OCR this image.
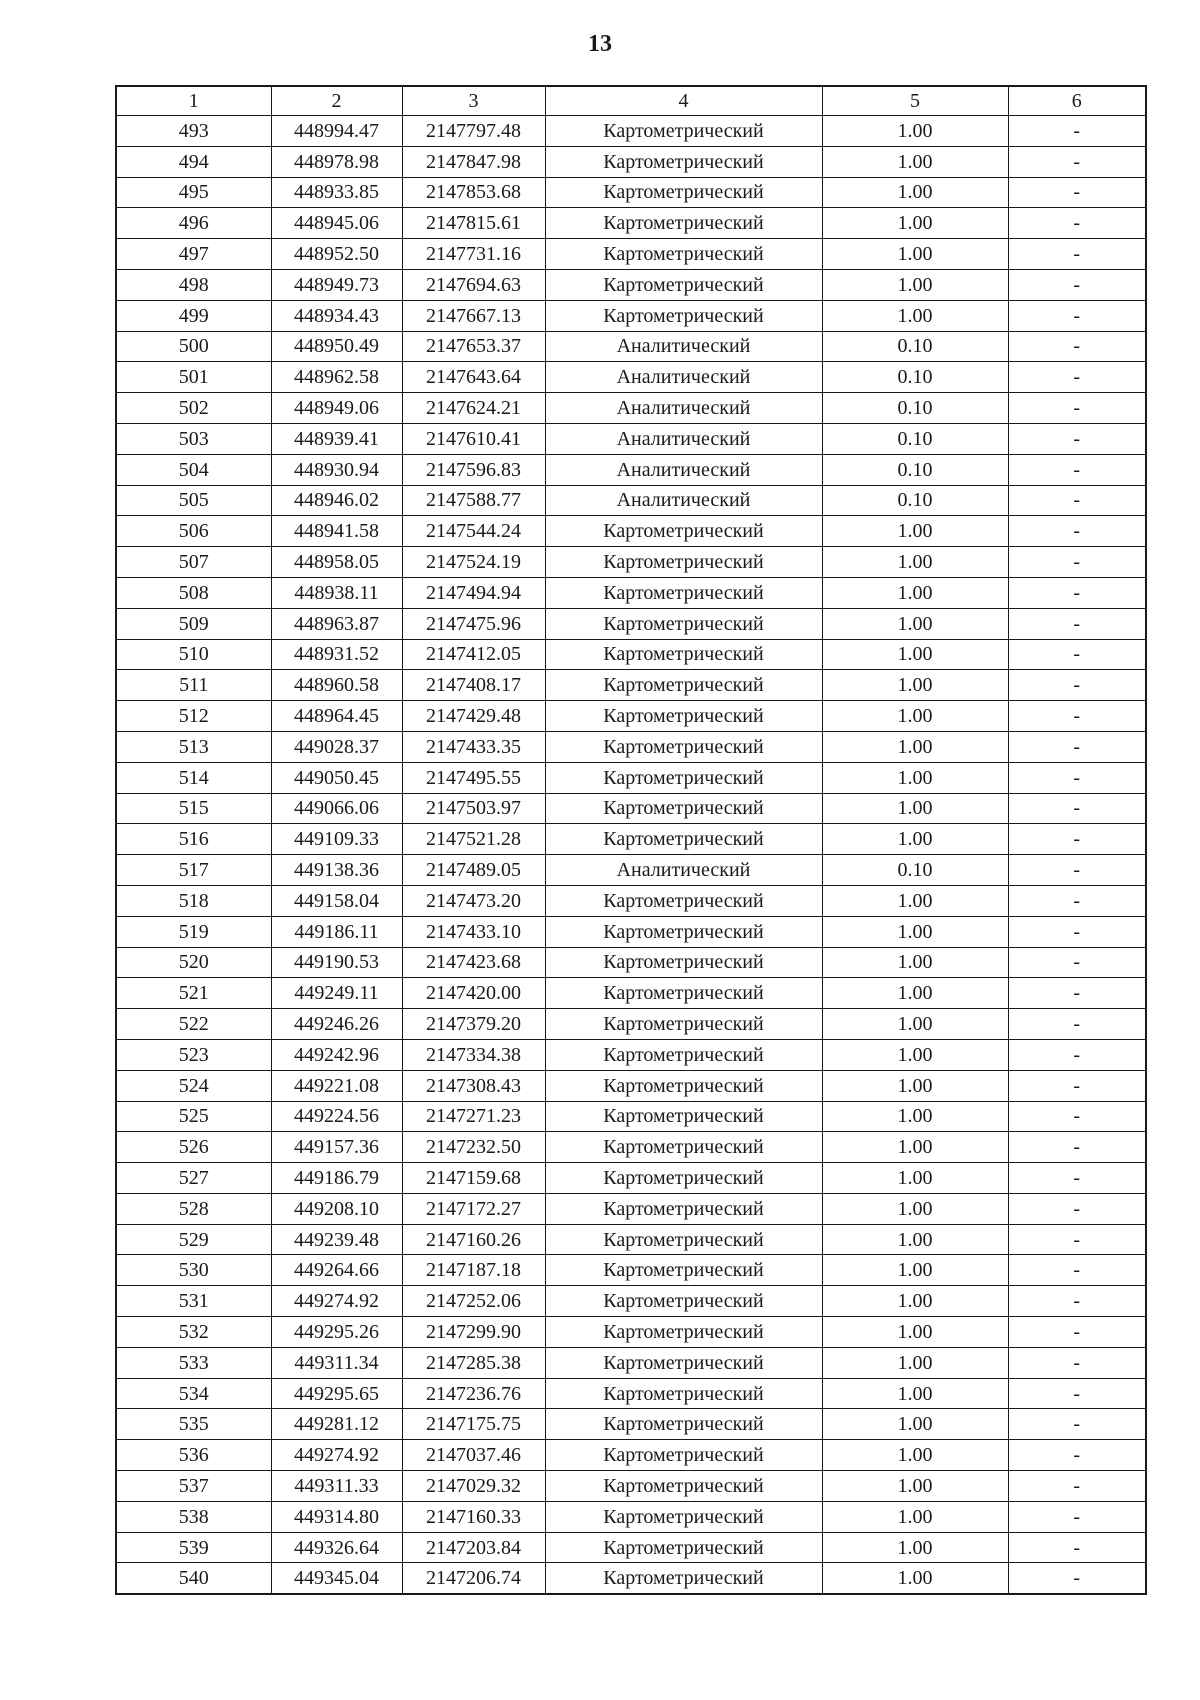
13
1	2	3	4	5	6
493	448994.47	2147797.48	Картометрический	1.00	-
494	448978.98	2147847.98	Картометрический	1.00	-
495	448933.85	2147853.68	Картометрический	1.00	-
496	448945.06	2147815.61	Картометрический	1.00	-
497	448952.50	2147731.16	Картометрический	1.00	-
498	448949.73	2147694.63	Картометрический	1.00	-
499	448934.43	2147667.13	Картометрический	1.00	-
500	448950.49	2147653.37	Аналитический	0.10	-
501	448962.58	2147643.64	Аналитический	0.10	-
502	448949.06	2147624.21	Аналитический	0.10	-
503	448939.41	2147610.41	Аналитический	0.10	-
504	448930.94	2147596.83	Аналитический	0.10	-
505	448946.02	2147588.77	Аналитический	0.10	-
506	448941.58	2147544.24	Картометрический	1.00	-
507	448958.05	2147524.19	Картометрический	1.00	-
508	448938.11	2147494.94	Картометрический	1.00	-
509	448963.87	2147475.96	Картометрический	1.00	-
510	448931.52	2147412.05	Картометрический	1.00	-
511	448960.58	2147408.17	Картометрический	1.00	-
512	448964.45	2147429.48	Картометрический	1.00	-
513	449028.37	2147433.35	Картометрический	1.00	-
514	449050.45	2147495.55	Картометрический	1.00	-
515	449066.06	2147503.97	Картометрический	1.00	-
516	449109.33	2147521.28	Картометрический	1.00	-
517	449138.36	2147489.05	Аналитический	0.10	-
518	449158.04	2147473.20	Картометрический	1.00	-
519	449186.11	2147433.10	Картометрический	1.00	-
520	449190.53	2147423.68	Картометрический	1.00	-
521	449249.11	2147420.00	Картометрический	1.00	-
522	449246.26	2147379.20	Картометрический	1.00	-
523	449242.96	2147334.38	Картометрический	1.00	-
524	449221.08	2147308.43	Картометрический	1.00	-
525	449224.56	2147271.23	Картометрический	1.00	-
526	449157.36	2147232.50	Картометрический	1.00	-
527	449186.79	2147159.68	Картометрический	1.00	-
528	449208.10	2147172.27	Картометрический	1.00	-
529	449239.48	2147160.26	Картометрический	1.00	-
530	449264.66	2147187.18	Картометрический	1.00	-
531	449274.92	2147252.06	Картометрический	1.00	-
532	449295.26	2147299.90	Картометрический	1.00	-
533	449311.34	2147285.38	Картометрический	1.00	-
534	449295.65	2147236.76	Картометрический	1.00	-
535	449281.12	2147175.75	Картометрический	1.00	-
536	449274.92	2147037.46	Картометрический	1.00	-
537	449311.33	2147029.32	Картометрический	1.00	-
538	449314.80	2147160.33	Картометрический	1.00	-
539	449326.64	2147203.84	Картометрический	1.00	-
540	449345.04	2147206.74	Картометрический	1.00	-
